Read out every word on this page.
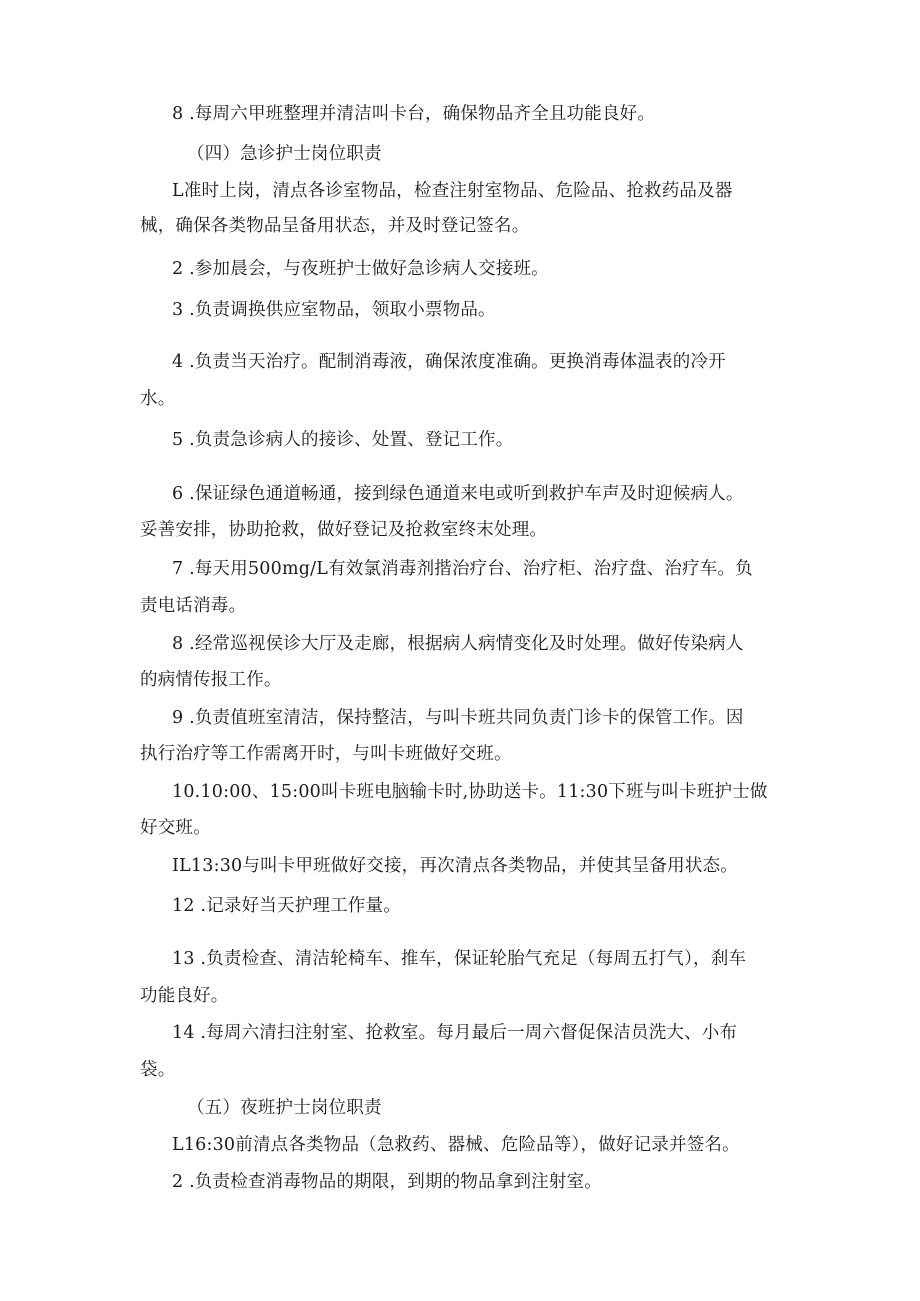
8 .每周六甲班整理并清洁叫卡台，确保物品齐全且功能良好。
（四）急诊护士岗位职责
L准时上岗，清点各诊室物品，检查注射室物品、危险品、抢救药品及器
械，确保各类物品呈备用状态，并及时登记签名。
2 .参加晨会，与夜班护士做好急诊病人交接班。
3 .负责调换供应室物品，领取小票物品。
4 .负责当天治疗。配制消毒液，确保浓度准确。更换消毒体温表的冷开
水。
5 .负责急诊病人的接诊、处置、登记工作。
6 .保证绿色通道畅通，接到绿色通道来电或听到救护车声及时迎候病人。
妥善安排，协助抢救，做好登记及抢救室终末处理。
7 .每天用500mg/L有效氯消毒剂揩治疗台、治疗柜、治疗盘、治疗车。负
责电话消毒。
8 .经常巡视侯诊大厅及走廊，根据病人病情变化及时处理。做好传染病人
的病情传报工作。
9 .负责值班室清洁，保持整洁，与叫卡班共同负责门诊卡的保管工作。因
执行治疗等工作需离开时，与叫卡班做好交班。
10.10:00、15:00叫卡班电脑输卡时,协助送卡。11:30下班与叫卡班护士做
好交班。
IL13:30与叫卡甲班做好交接，再次清点各类物品，并使其呈备用状态。
12 .记录好当天护理工作量。
13 .负责检查、清洁轮椅车、推车，保证轮胎气充足（每周五打气），刹车
功能良好。
14 .每周六清扫注射室、抢救室。每月最后一周六督促保洁员洗大、小布
袋。
（五）夜班护士岗位职责
L16:30前清点各类物品（急救药、器械、危险品等），做好记录并签名。
2 .负责检查消毒物品的期限，到期的物品拿到注射室。
